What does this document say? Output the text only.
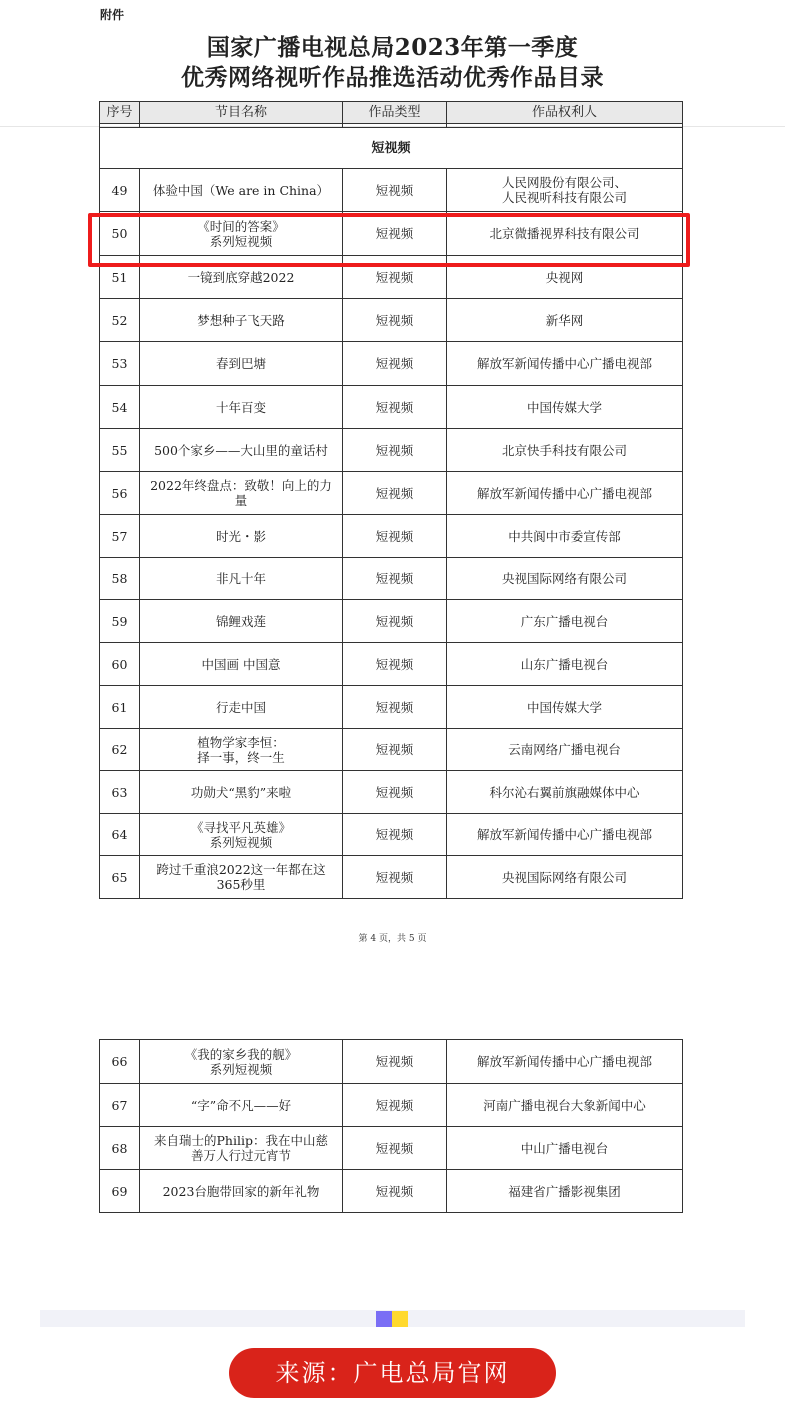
附件
国家广播电视总局2023年第一季度
优秀网络视听作品推选活动优秀作品目录
序号	节目名称	作品类型	作品权利人

短视频			
49	体验中国（We are in China）	短视频	人民网股份有限公司、
人民视听科技有限公司

50	《时间的答案》
系列短视频	短视频	北京微播视界科技有限公司

51	一镜到底穿越2022	短视频	央视网

52	梦想种子飞天路	短视频	新华网

53	春到巴塘	短视频	解放军新闻传播中心广播电视部

54	十年百变	短视频	中国传媒大学

55	500个家乡——大山里的童话村	短视频	北京快手科技有限公司

56	2022年终盘点：致敬！向上的力
量	短视频	解放军新闻传播中心广播电视部

57	时光・影	短视频	中共阆中市委宣传部

58	非凡十年	短视频	央视国际网络有限公司

59	锦鲤戏莲	短视频	广东广播电视台

60	中国画 中国意	短视频	山东广播电视台

61	行走中国	短视频	中国传媒大学

62	植物学家李恒：
择一事，终一生	短视频	云南网络广播电视台

63	功勋犬“黑豹”来啦	短视频	科尔沁右翼前旗融媒体中心

64	《寻找平凡英雄》
系列短视频	短视频	解放军新闻传播中心广播电视部

65	跨过千重浪2022这一年都在这
365秒里	短视频	央视国际网络有限公司
第 4 页，共 5 页
66	《我的家乡我的舰》
系列短视频	短视频	解放军新闻传播中心广播电视部

67	“字”命不凡——好	短视频	河南广播电视台大象新闻中心

68	来自瑞士的Philip：我在中山慈
善万人行过元宵节	短视频	中山广播电视台

69	2023台胞带回家的新年礼物	短视频	福建省广播影视集团
来源：广电总局官网
